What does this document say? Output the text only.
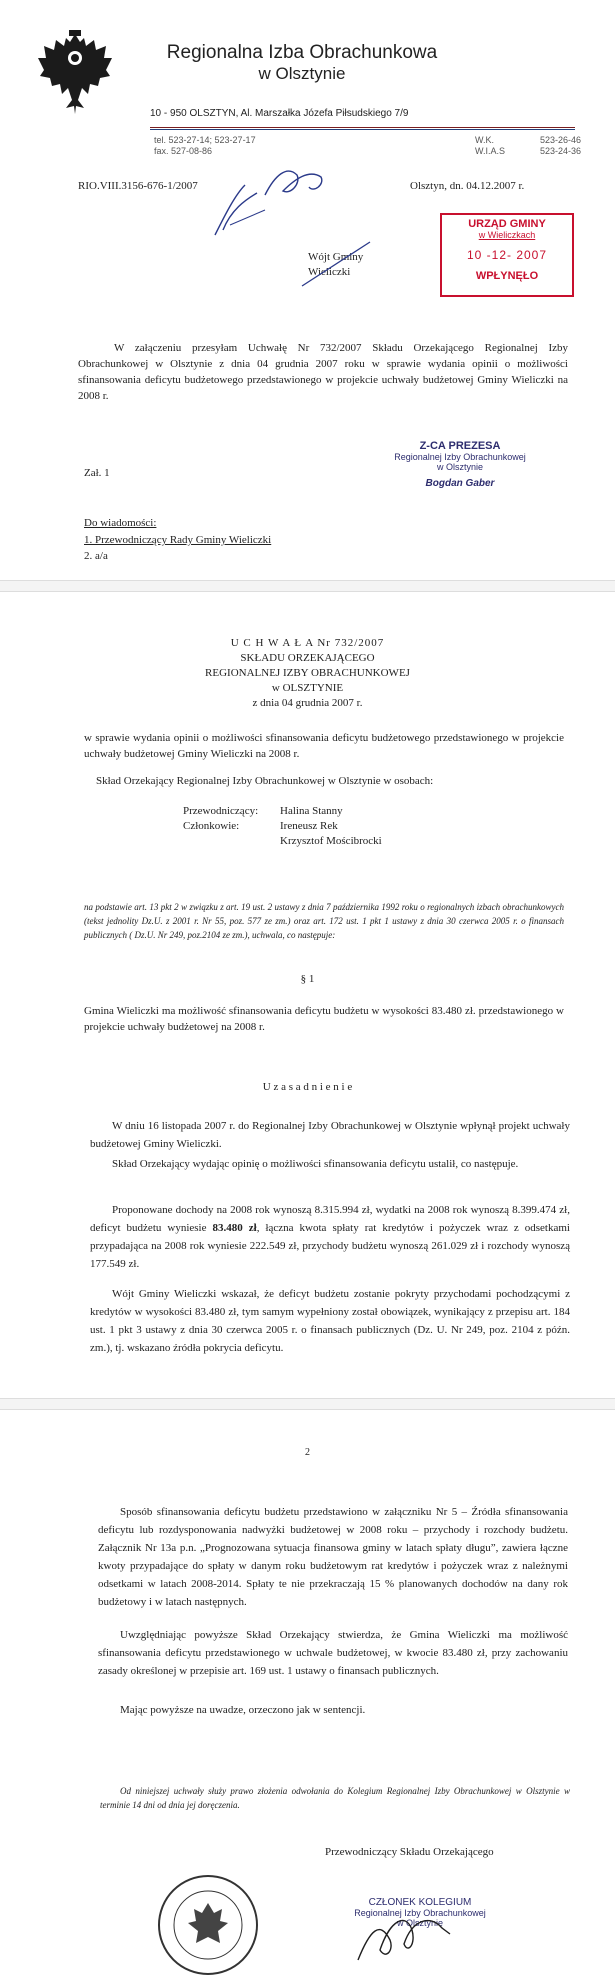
Regionalna Izba Obrachunkowa
w Olsztynie
10 - 950 OLSZTYN, Al. Marszałka Józefa Piłsudskiego 7/9
tel. 523-27-14; 523-27-17
fax. 527-08-86
W.K.	523-26-46
W.I.A.S	523-24-36
RIO.VIII.3156-676-1/2007	Olsztyn, dn. 04.12.2007 r.
Wójt Gminy
Wieliczki
URZĄD GMINY
w Wieliczkach
10 -12- 2007
WPŁYNĘŁO
W załączeniu przesyłam Uchwałę Nr 732/2007 Składu Orzekającego Regionalnej Izby Obrachunkowej w Olsztynie z dnia 04 grudnia 2007 roku w sprawie wydania opinii o możliwości sfinansowania deficytu budżetowego przedstawionego w projekcie uchwały budżetowej Gminy Wieliczki na 2008 r.
Z-CA PREZESA
Regionalnej Izby Obrachunkowej
w Olsztynie
Bogdan Gaber
Zał. 1
Do wiadomości:
1. Przewodniczący Rady Gminy Wieliczki
2. a/a
U C H W A Ł A Nr 732/2007
SKŁADU ORZEKAJĄCEGO
REGIONALNEJ IZBY OBRACHUNKOWEJ
w OLSZTYNIE
z dnia 04 grudnia 2007 r.
w sprawie wydania opinii o możliwości sfinansowania deficytu budżetowego przedstawionego w projekcie uchwały budżetowej Gminy Wieliczki na 2008 r.
Skład Orzekający Regionalnej Izby Obrachunkowej w Olsztynie w osobach:
Przewodniczący: Halina Stanny
Członkowie:	Ireneusz Rek
Krzysztof Mościbrocki
na podstawie art. 13 pkt 2 w związku z art. 19 ust. 2 ustawy z dnia 7 października 1992 roku o regionalnych izbach obrachunkowych (tekst jednolity Dz.U. z 2001 r. Nr 55, poz. 577 ze zm.) oraz art. 172 ust. 1 pkt 1 ustawy z dnia 30 czerwca 2005 r. o finansach publicznych ( Dz.U. Nr 249, poz.2104 ze zm.), uchwala, co następuje:
§ 1
Gmina Wieliczki ma możliwość sfinansowania deficytu budżetu w wysokości 83.480 zł. przedstawionego w projekcie uchwały budżetowej na 2008 r.
U z a s a d n i e n i e
W dniu 16 listopada 2007 r. do Regionalnej Izby Obrachunkowej w Olsztynie wpłynął projekt uchwały budżetowej Gminy Wieliczki.
Skład Orzekający wydając opinię o możliwości sfinansowania deficytu ustalił, co następuje.
Proponowane dochody na 2008 rok wynoszą 8.315.994 zł, wydatki na 2008 rok wynoszą 8.399.474 zł, deficyt budżetu wyniesie 83.480 zł, łączna kwota spłaty rat kredytów i pożyczek wraz z odsetkami przypadająca na 2008 rok wyniesie 222.549 zł, przychody budżetu wynoszą 261.029 zł i rozchody wynoszą 177.549 zł.
Wójt Gminy Wieliczki wskazał, że deficyt budżetu zostanie pokryty przychodami pochodzącymi z kredytów w wysokości 83.480 zł, tym samym wypełniony został obowiązek, wynikający z przepisu art. 184 ust. 1 pkt 3 ustawy z dnia 30 czerwca 2005 r. o finansach publicznych (Dz. U. Nr 249, poz. 2104 z późn. zm.), tj. wskazano źródła pokrycia deficytu.
2
Sposób sfinansowania deficytu budżetu przedstawiono w załączniku Nr 5 – Źródła sfinansowania deficytu lub rozdysponowania nadwyżki budżetowej w 2008 roku – przychody i rozchody budżetu. Załącznik Nr 13a p.n. „Prognozowana sytuacja finansowa gminy w latach spłaty długu”, zawiera łączne kwoty przypadające do spłaty w danym roku budżetowym rat kredytów i pożyczek wraz z należnymi odsetkami w latach 2008-2014. Spłaty te nie przekraczają 15 % planowanych dochodów na dany rok budżetowy i w latach następnych.
Uwzględniając powyższe Skład Orzekający stwierdza, że Gmina Wieliczki ma możliwość sfinansowania deficytu przedstawionego w uchwale budżetowej, w kwocie 83.480 zł, przy zachowaniu zasady określonej w przepisie art. 169 ust. 1 ustawy o finansach publicznych.
Mając powyższe na uwadze, orzeczono jak w sentencji.
Od niniejszej uchwały służy prawo złożenia odwołania do Kolegium Regionalnej Izby Obrachunkowej w Olsztynie w terminie 14 dni od dnia jej doręczenia.
Przewodniczący Składu Orzekającego
CZŁONEK KOLEGIUM
Regionalnej Izby Obrachunkowej
w Olsztynie
